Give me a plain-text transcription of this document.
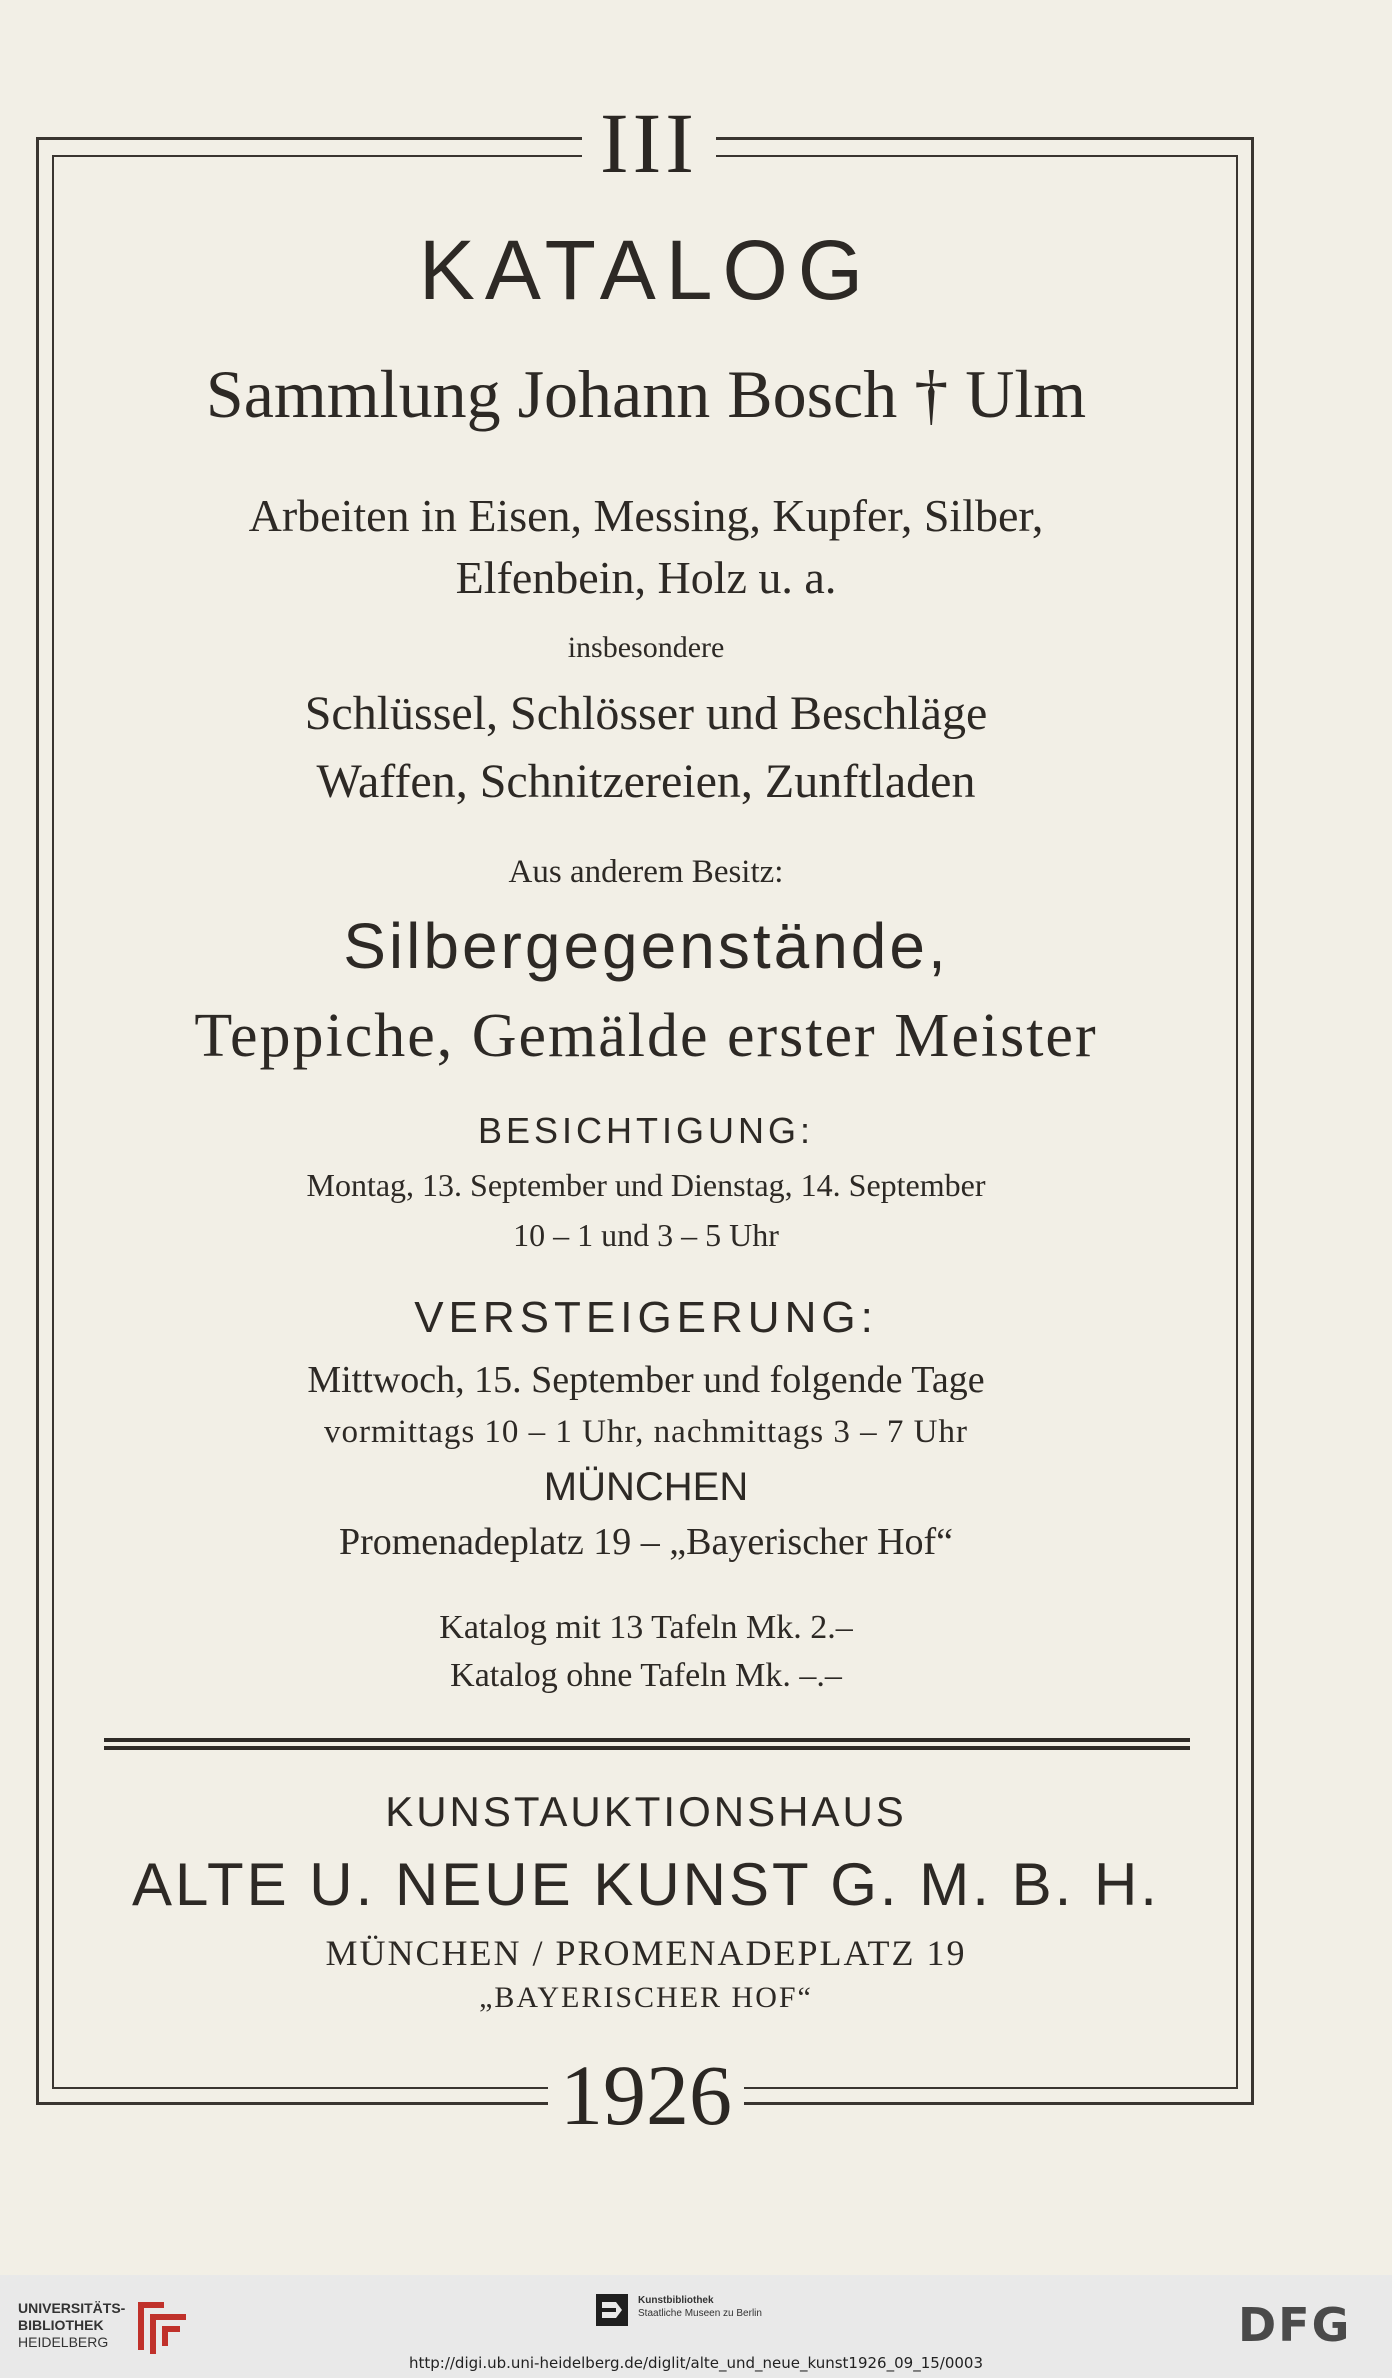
III
KATALOG
Sammlung Johann Bosch † Ulm
Arbeiten in Eisen, Messing, Kupfer, Silber,
Elfenbein, Holz u. a.
insbesondere
Schlüssel, Schlösser und Beschläge
Waffen, Schnitzereien, Zunftladen
Aus anderem Besitz:
Silbergegenstände,
Teppiche, Gemälde erster Meister
BESICHTIGUNG:
Montag, 13. September und Dienstag, 14. September
10 – 1 und 3 – 5 Uhr
VERSTEIGERUNG:
Mittwoch, 15. September und folgende Tage
vormittags 10 – 1 Uhr, nachmittags 3 – 7 Uhr
MÜNCHEN
Promenadeplatz 19 – „Bayerischer Hof“
Katalog mit 13 Tafeln Mk. 2.–
Katalog ohne Tafeln Mk. –.–
KUNSTAUKTIONSHAUS
ALTE U. NEUE KUNST G. M. B. H.
MÜNCHEN / PROMENADEPLATZ 19
„BAYERISCHER HOF“
1926
UNIVERSITÄTS-
BIBLIOTHEK
HEIDELBERG
Kunstbibliothek
Staatliche Museen zu Berlin	DFG
http://digi.ub.uni-heidelberg.de/diglit/alte_und_neue_kunst1926_09_15/0003
